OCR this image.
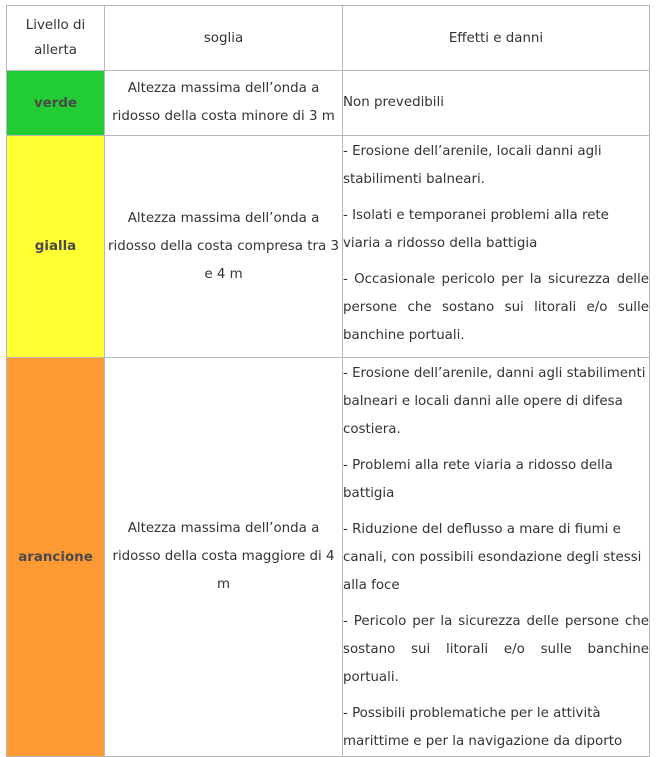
Livello di allerta	soglia	Effetti e danni
verde	Altezza massima dell’onda a ridosso della costa minore di 3 m	Non prevedibili

gialla	Altezza massima dell’onda a ridosso della costa compresa tra 3 e 4 m	- Erosione dell’arenile, locali danni agli stabilimenti balneari.
- Isolati e temporanei problemi alla rete viaria a ridosso della battigia
- Occasionale pericolo per la sicurezza delle persone che sostano sui litorali e/o sulle banchine portuali.

arancione	Altezza massima dell’onda a ridosso della costa maggiore di 4 m	- Erosione dell’arenile, danni agli stabilimenti balneari e locali danni alle opere di difesa costiera.
- Problemi alla rete viaria a ridosso della battigia
- Riduzione del deflusso a mare di fiumi e canali, con possibili esondazione degli stessi alla foce
- Pericolo per la sicurezza delle persone che sostano sui litorali e/o sulle banchine portuali.
- Possibili problematiche per le attività marittime e per la navigazione da diporto
